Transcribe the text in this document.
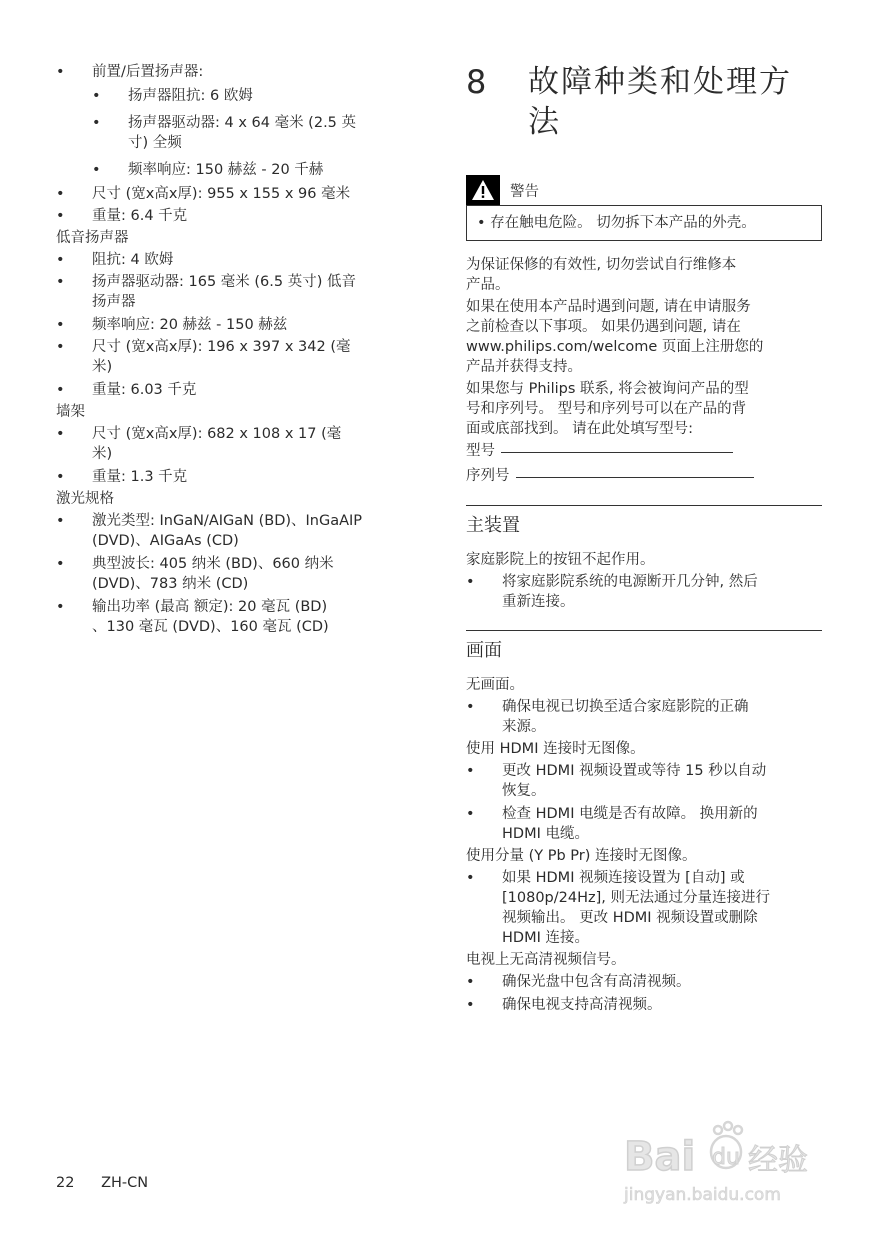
• 前置/后置扬声器:
• 扬声器阻抗: 6 欧姆
• 扬声器驱动器: 4 x 64 毫米 (2.5 英
寸) 全频
• 频率响应: 150 赫兹 - 20 千赫
• 尺寸 (宽x高x厚): 955 x 155 x 96 毫米
• 重量: 6.4 千克
低音扬声器
• 阻抗: 4 欧姆
• 扬声器驱动器: 165 毫米 (6.5 英寸) 低音
扬声器
• 频率响应: 20 赫兹 - 150 赫兹
• 尺寸 (宽x高x厚): 196 x 397 x 342 (毫
米)
• 重量: 6.03 千克
墙架
• 尺寸 (宽x高x厚): 682 x 108 x 17 (毫
米)
• 重量: 1.3 千克
激光规格
• 激光类型: InGaN/AIGaN (BD)、InGaAIP
(DVD)、AIGaAs (CD)
• 典型波长: 405 纳米 (BD)、660 纳米
(DVD)、783 纳米 (CD)
• 输出功率 (最高 额定): 20 毫瓦 (BD)
、130 毫瓦 (DVD)、160 毫瓦 (CD)
8	故障种类和处理方
法
警告
• 存在触电危险。 切勿拆下本产品的外壳。
为保证保修的有效性, 切勿尝试自行维修本
产品。
如果在使用本产品时遇到问题, 请在申请服务
之前检查以下事项。 如果仍遇到问题, 请在
www.philips.com/welcome 页面上注册您的
产品并获得支持。
如果您与 Philips 联系, 将会被询问产品的型
号和序列号。 型号和序列号可以在产品的背
面或底部找到。 请在此处填写型号:
型号
序列号
主装置
家庭影院上的按钮不起作用。
• 将家庭影院系统的电源断开几分钟, 然后
重新连接。
画面
无画面。
• 确保电视已切换至适合家庭影院的正确
来源。
使用 HDMI 连接时无图像。
• 更改 HDMI 视频设置或等待 15 秒以自动
恢复。
• 检查 HDMI 电缆是否有故障。 换用新的
HDMI 电缆。
使用分量 (Y Pb Pr) 连接时无图像。
• 如果 HDMI 视频连接设置为 [自动] 或
[1080p/24Hz], 则无法通过分量连接进行
视频输出。 更改 HDMI 视频设置或删除
HDMI 连接。
电视上无高清视频信号。
• 确保光盘中包含有高清视频。
• 确保电视支持高清视频。
22 ZH-CN
Bai du 经验
jingyan.baidu.com
